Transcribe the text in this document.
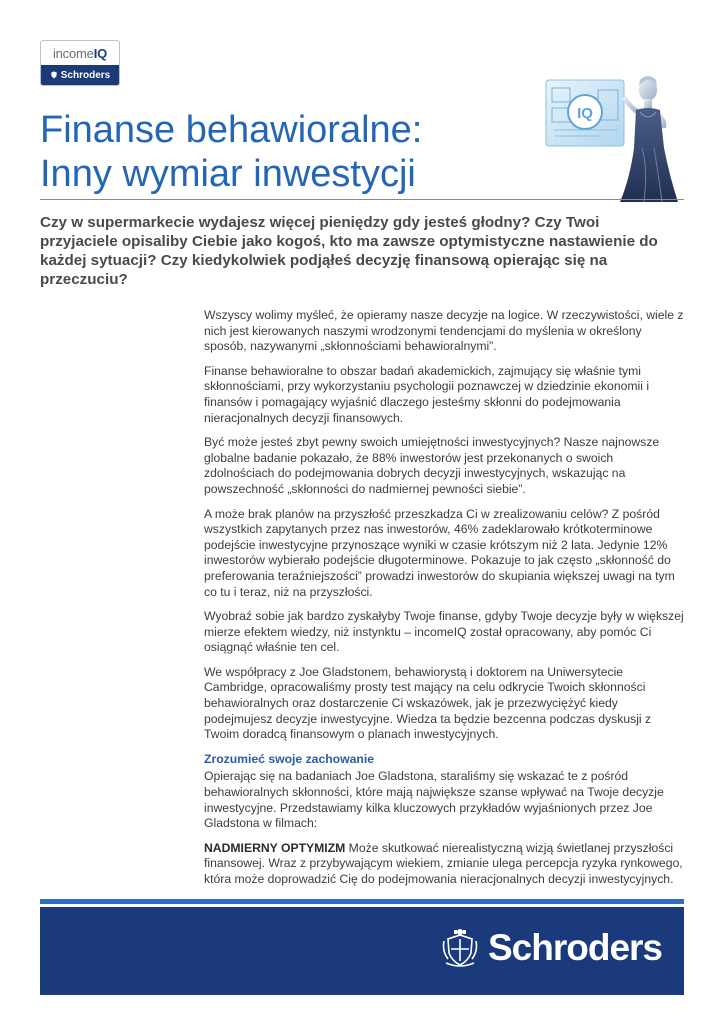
income IQ
Schroders
Finanse behawioralne:
Inny wymiar inwestycji
IQ

Czy w supermarkecie wydajesz więcej pieniędzy gdy jesteś głodny? Czy Twoi przyjaciele opisaliby Ciebie jako kogoś, kto ma zawsze optymistyczne nastawienie do każdej sytuacji? Czy kiedykolwiek podjąłeś decyzję finansową opierając się na przeczuciu?

Wszyscy wolimy myśleć, że opieramy nasze decyzje na logice. W rzeczywistości, wiele z nich jest kierowanych naszymi wrodzonymi tendencjami do myślenia w określony sposób, nazywanymi „skłonnościami behawioralnymi”.

Finanse behawioralne to obszar badań akademickich, zajmujący się właśnie tymi skłonnościami, przy wykorzystaniu psychologii poznawczej w dziedzinie ekonomii i finansów i pomagający wyjaśnić dlaczego jesteśmy skłonni do podejmowania nieracjonalnych decyzji finansowych.

Być może jesteś zbyt pewny swoich umiejętności inwestycyjnych? Nasze najnowsze globalne badanie pokazało, że 88% inwestorów jest przekonanych o swoich zdolnościach do podejmowania dobrych decyzji inwestycyjnych, wskazując na powszechność „skłonności do nadmiernej pewności siebie”.

A może brak planów na przyszłość przeszkadza Ci w zrealizowaniu celów? Z pośród wszystkich zapytanych przez nas inwestorów, 46% zadeklarowało krótkoterminowe podejście inwestycyjne przynoszące wyniki w czasie krótszym niż 2 lata. Jedynie 12% inwestorów wybierało podejście długoterminowe. Pokazuje to jak często „skłonność do preferowania teraźniejszości” prowadzi inwestorów do skupiania większej uwagi na tym co tu i teraz, niż na przyszłości.

Wyobraź sobie jak bardzo zyskałyby Twoje finanse, gdyby Twoje decyzje były w większej mierze efektem wiedzy, niż instynktu – incomeIQ został opracowany, aby pomóc Ci osiągnąć właśnie ten cel.

We współpracy z Joe Gladstonem, behawiorystą i doktorem na Uniwersytecie Cambridge, opracowaliśmy prosty test mający na celu odkrycie Twoich skłonności behawioralnych oraz dostarczenie Ci wskazówek, jak je przezwyciężyć kiedy podejmujesz decyzje inwestycyjne. Wiedza ta będzie bezcenna podczas dyskusji z Twoim doradcą finansowym o planach inwestycyjnych.

Zrozumieć swoje zachowanie

Opierając się na badaniach Joe Gladstona, staraliśmy się wskazać te z pośród behawioralnych skłonności, które mają największe szanse wpływać na Twoje decyzje inwestycyjne. Przedstawiamy kilka kluczowych przykładów wyjaśnionych przez Joe Gladstona w filmach:

NADMIERNY OPTYMIZM Może skutkować nierealistyczną wizją świetlanej przyszłości finansowej. Wraz z przybywającym wiekiem, zmianie ulega percepcja ryzyka rynkowego, która może doprowadzić Cię do podejmowania nieracjonalnych decyzji inwestycyjnych.

Schroders
